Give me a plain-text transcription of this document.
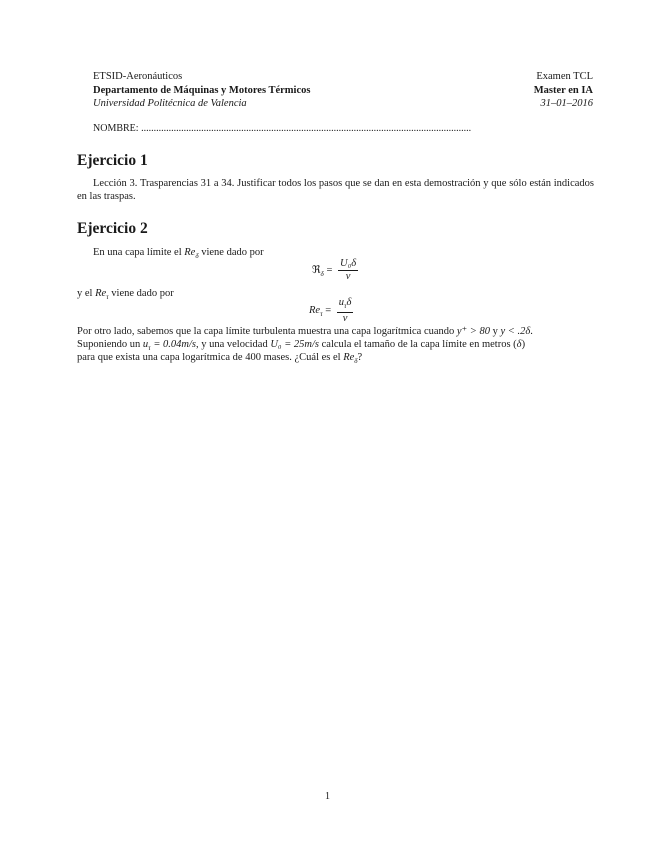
ETSID-Aeronáuticos	Examen TCL
Departamento de Máquinas y Motores Térmicos	Master en IA
Universidad Politécnica de Valencia	31–01–2016
NOMBRE: ....................................................................................................................................
Ejercicio 1

Lección 3. Trasparencias 31 a 34. Justificar todos los pasos que se dan en esta demostración y que sólo están indicados en las traspas.

Ejercicio 2
En una capa límite el $Re_\delta$ viene dado por
ℜ$_\delta$ = $\frac{\text{U₀δ}}{\nu}$
y el $Re_\tau$ viene dado por
$Re_\tau = \frac{u_\tau\delta}{\nu}$
Por otro lado, sabemos que la capa límite turbulenta muestra una capa logarítmica cuando y⁺ > 80 y y < .2δ.
Suponiendo un $u_\tau = 0.04m/s$, y una velocidad U₀ = 25m/s calcula el tamaño de la capa límite en metros (δ)
para que exista una capa logarítmica de 400 mases. ¿Cuál es el $Re_\delta$?
1
